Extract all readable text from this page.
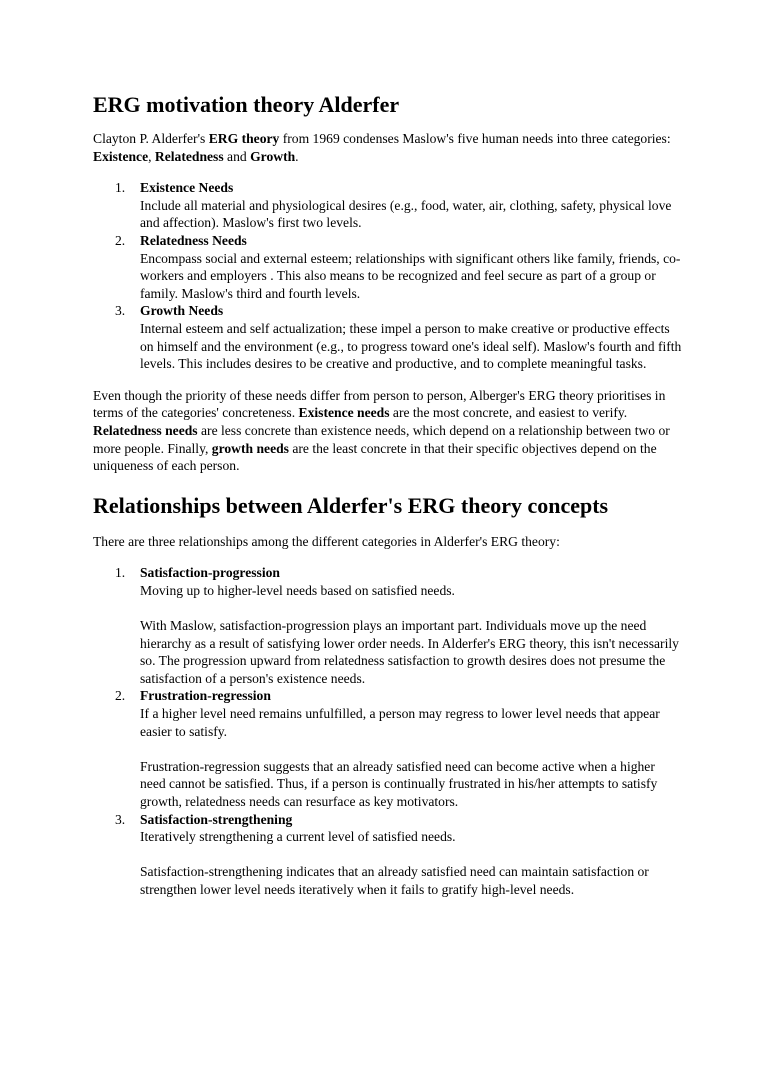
ERG motivation theory Alderfer

Clayton P. Alderfer's ERG theory from 1969 condenses Maslow's five human needs into three categories: Existence, Relatedness and Growth.

1. Existence Needs
Include all material and physiological desires (e.g., food, water, air, clothing, safety, physical love and affection). Maslow's first two levels.
2. Relatedness Needs
Encompass social and external esteem; relationships with significant others like family, friends, co-workers and employers . This also means to be recognized and feel secure as part of a group or family. Maslow's third and fourth levels.
3. Growth Needs
Internal esteem and self actualization; these impel a person to make creative or productive effects on himself and the environment (e.g., to progress toward one's ideal self). Maslow's fourth and fifth levels. This includes desires to be creative and productive, and to complete meaningful tasks.

Even though the priority of these needs differ from person to person, Alberger's ERG theory prioritises in terms of the categories' concreteness. Existence needs are the most concrete, and easiest to verify. Relatedness needs are less concrete than existence needs, which depend on a relationship between two or more people. Finally, growth needs are the least concrete in that their specific objectives depend on the uniqueness of each person.

Relationships between Alderfer's ERG theory concepts

There are three relationships among the different categories in Alderfer's ERG theory:

1. Satisfaction-progression
Moving up to higher-level needs based on satisfied needs.
With Maslow, satisfaction-progression plays an important part. Individuals move up the need hierarchy as a result of satisfying lower order needs. In Alderfer's ERG theory, this isn't necessarily so. The progression upward from relatedness satisfaction to growth desires does not presume the satisfaction of a person's existence needs.
2. Frustration-regression
If a higher level need remains unfulfilled, a person may regress to lower level needs that appear easier to satisfy.
Frustration-regression suggests that an already satisfied need can become active when a higher need cannot be satisfied. Thus, if a person is continually frustrated in his/her attempts to satisfy growth, relatedness needs can resurface as key motivators.
3. Satisfaction-strengthening
Iteratively strengthening a current level of satisfied needs.
Satisfaction-strengthening indicates that an already satisfied need can maintain satisfaction or strengthen lower level needs iteratively when it fails to gratify high-level needs.
